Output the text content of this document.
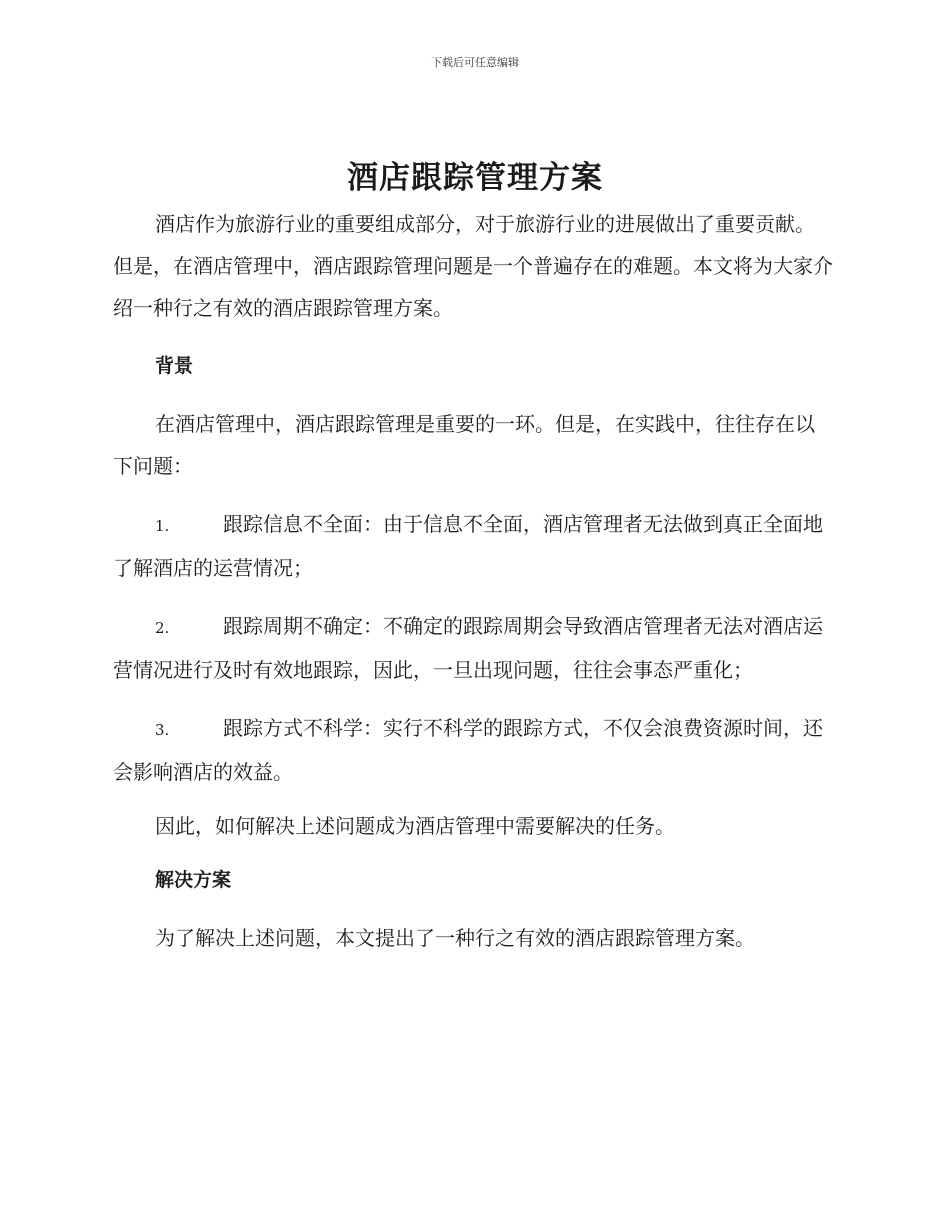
下载后可任意编辑
酒店跟踪管理方案

酒店作为旅游行业的重要组成部分，对于旅游行业的进展做出了重要贡献。但是，在酒店管理中，酒店跟踪管理问题是一个普遍存在的难题。本文将为大家介绍一种行之有效的酒店跟踪管理方案。

背景

在酒店管理中，酒店跟踪管理是重要的一环。但是，在实践中，往往存在以下问题：

1.	跟踪信息不全面：由于信息不全面，酒店管理者无法做到真正全面地了解酒店的运营情况；

2.	跟踪周期不确定：不确定的跟踪周期会导致酒店管理者无法对酒店运营情况进行及时有效地跟踪，因此，一旦出现问题，往往会事态严重化；

3.	跟踪方式不科学：实行不科学的跟踪方式，不仅会浪费资源时间，还会影响酒店的效益。

因此，如何解决上述问题成为酒店管理中需要解决的任务。

解决方案

为了解决上述问题，本文提出了一种行之有效的酒店跟踪管理方案。
